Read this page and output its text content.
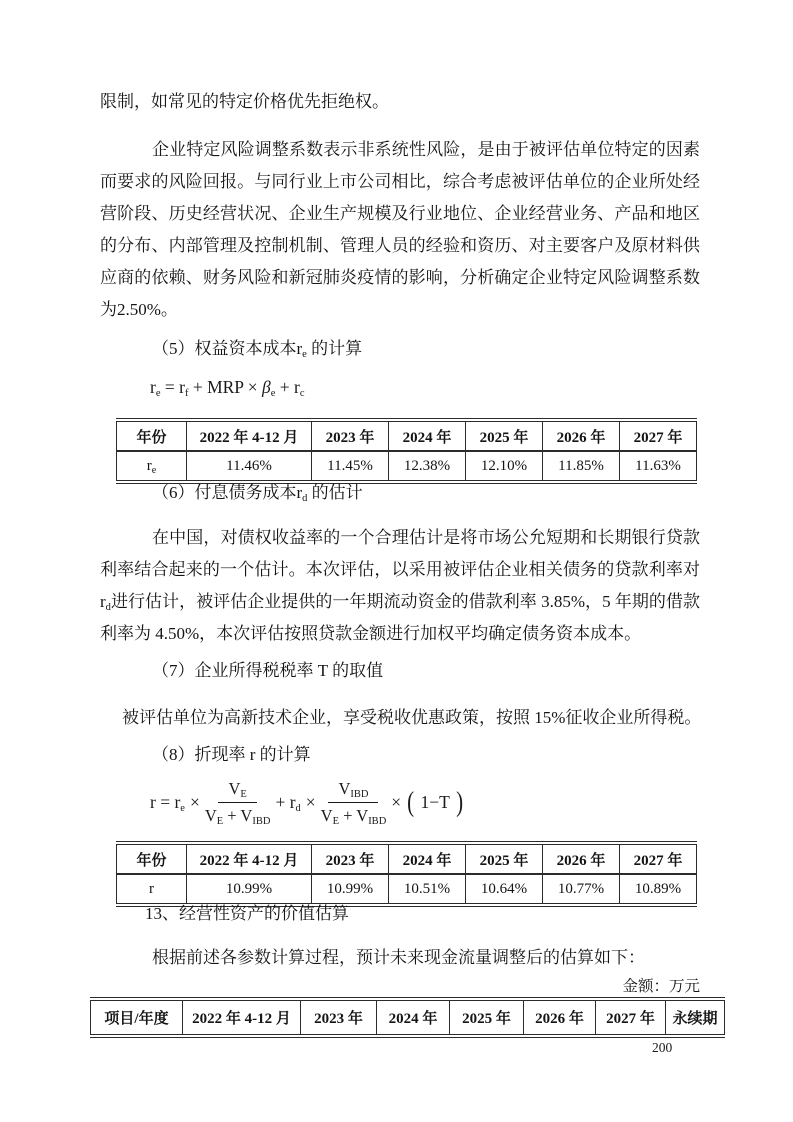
限制，如常见的特定价格优先拒绝权。

企业特定风险调整系数表示非系统性风险，是由于被评估单位特定的因素而要求的风险回报。与同行业上市公司相比，综合考虑被评估单位的企业所处经营阶段、历史经营状况、企业生产规模及行业地位、企业经营业务、产品和地区的分布、内部管理及控制机制、管理人员的经验和资历、对主要客户及原材料供应商的依赖、财务风险和新冠肺炎疫情的影响，分析确定企业特定风险调整系数为2.50%。

（5）权益资本成本$r_e$ 的计算
$r_e = r_f$ + MRP × $\beta_e + r_c$
年份	2022 年 4-12 月	2023 年	2024 年	2025 年	2026 年	2027 年
$r_e$	11.46%	11.45%	12.38%	12.10%	11.85%	11.63%
（6）付息债务成本$r_d$ 的估计

在中国，对债权收益率的一个合理估计是将市场公允短期和长期银行贷款利率结合起来的一个估计。本次评估，以采用被评估企业相关债务的贷款利率对$r_d$进行估计，被评估企业提供的一年期流动资金的借款利率 3.85%，5 年期的借款利率为 4.50%，本次评估按照贷款金额进行加权平均确定债务资本成本。

（7）企业所得税税率 T 的取值

被评估单位为高新技术企业，享受税收优惠政策，按照 15%征收企业所得税。

（8）折现率 r 的计算
$r = r_e \times \frac{V_E}{V_E + V_{IBD}} + r_d \times \frac{V_{IBD}}{V_E + V_{IBD}}$ × ( 1−T )
年份	2022 年 4-12 月	2023 年	2024 年	2025 年	2026 年	2027 年
r	10.99%	10.99%	10.51%	10.64%	10.77%	10.89%
13、经营性资产的价值估算

根据前述各参数计算过程，预计未来现金流量调整后的估算如下：

金额：万元
项目/年度	2022 年 4-12 月	2023 年	2024 年	2025 年	2026 年	2027 年	永续期
200
